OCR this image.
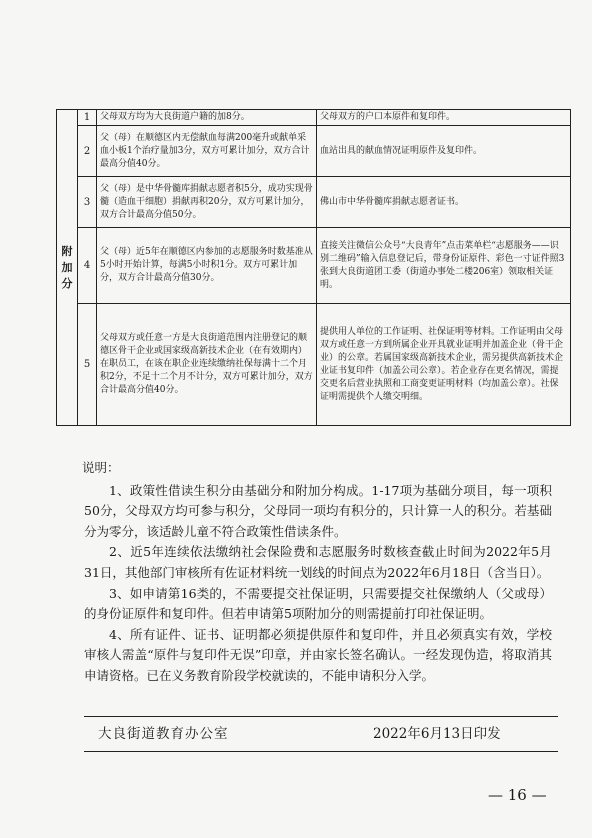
附加分	1	父母双方均为大良街道户籍的加8分。	父母双方的户口本原件和复印件。
	2	父（母）在顺德区内无偿献血每满200毫升或献单采血小板1个治疗量加3分，双方可累计加分，双方合计最高分值40分。	血站出具的献血情况证明原件及复印件。
	3	父（母）是中华骨髓库捐献志愿者积5分，成功实现骨髓（造血干细胞）捐献再积20分，双方可累计加分，双方合计最高分值50分。	佛山市中华骨髓库捐献志愿者证书。
	4	父（母）近5年在顺德区内参加的志愿服务时数基准从5小时开始计算，每满5小时积1分。双方可累计加分，双方合计最高分值30分。	直接关注微信公众号“大良青年”点击菜单栏“志愿服务——识别二维码”输入信息登记后，带身份证原件、彩色一寸证件照3张到大良街道团工委（街道办事处二楼206室）领取相关证明。
	5	父母双方或任意一方是大良街道范围内注册登记的顺德区骨干企业或国家级高新技术企业（在有效期内）在职员工，在该在职企业连续缴纳社保每满十二个月积2分，不足十二个月不计分，双方可累计加分，双方合计最高分值40分。	提供用人单位的工作证明、社保证明等材料。工作证明由父母双方或任意一方到所属企业开具就业证明并加盖企业（骨干企业）的公章。若属国家级高新技术企业，需另提供高新技术企业证书复印件（加盖公司公章）。若企业存在更名情况，需提交更名后营业执照和工商变更证明材料（均加盖公章）。社保证明需提供个人缴交明细。
说明：

1、政策性借读生积分由基础分和附加分构成。1-17项为基础分项目，每一项积50分，父母双方均可参与积分，父母同一项均有积分的，只计算一人的积分。若基础分为零分，该适龄儿童不符合政策性借读条件。

2、近5年连续依法缴纳社会保险费和志愿服务时数核查截止时间为2022年5月31日，其他部门审核所有佐证材料统一划线的时间点为2022年6月18日（含当日）。

3、如申请第16类的，不需要提交社保证明，只需要提交社保缴纳人（父或母）的身份证原件和复印件。但若申请第5项附加分的则需提前打印社保证明。

4、所有证件、证书、证明都必须提供原件和复印件，并且必须真实有效，学校审核人需盖“原件与复印件无误”印章，并由家长签名确认。一经发现伪造，将取消其申请资格。已在义务教育阶段学校就读的，不能申请积分入学。

大良街道教育办公室	2022年6月13日印发
— 16 —
